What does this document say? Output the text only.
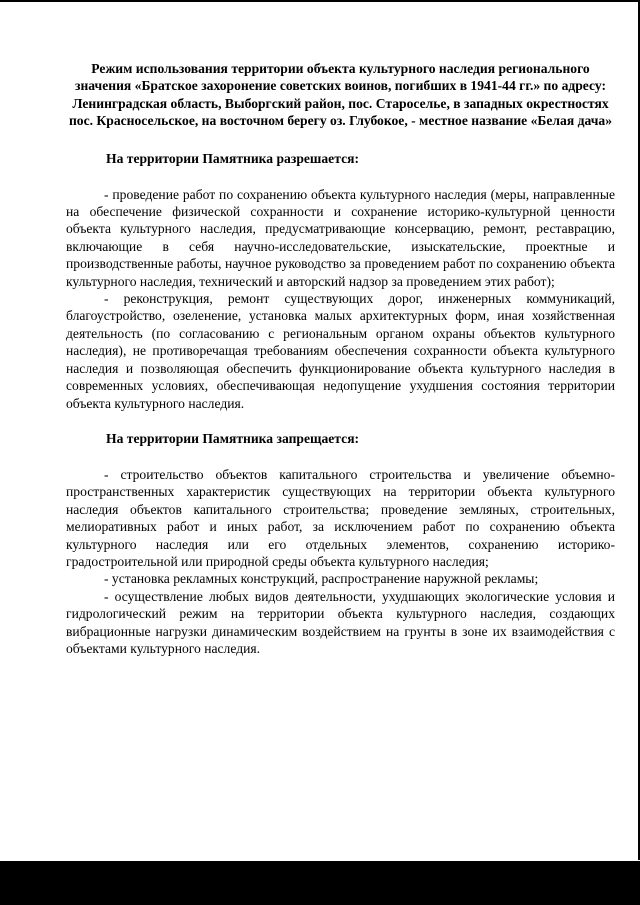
Режим использования территории объекта культурного наследия регионального значения «Братское захоронение советских воинов, погибших в 1941-44 гг.» по адресу: Ленинградская область, Выборгский район, пос. Староселье, в западных окрестностях пос. Красносельское, на восточном берегу оз. Глубокое, - местное название «Белая дача»
На территории Памятника разрешается:

- проведение работ по сохранению объекта культурного наследия (меры, направленные на обеспечение физической сохранности и сохранение историко-культурной ценности объекта культурного наследия, предусматривающие консервацию, ремонт, реставрацию, включающие в себя научно-исследовательские, изыскательские, проектные и производственные работы, научное руководство за проведением работ по сохранению объекта культурного наследия, технический и авторский надзор за проведением этих работ);

- реконструкция, ремонт существующих дорог, инженерных коммуникаций, благоустройство, озеленение, установка малых архитектурных форм, иная хозяйственная деятельность (по согласованию с региональным органом охраны объектов культурного наследия), не противоречащая требованиям обеспечения сохранности объекта культурного наследия и позволяющая обеспечить функционирование объекта культурного наследия в современных условиях, обеспечивающая недопущение ухудшения состояния территории объекта культурного наследия.

На территории Памятника запрещается:

- строительство объектов капитального строительства и увеличение объемно-пространственных характеристик существующих на территории объекта культурного наследия объектов капитального строительства; проведение земляных, строительных, мелиоративных работ и иных работ, за исключением работ по сохранению объекта культурного наследия или его отдельных элементов, сохранению историко-градостроительной или природной среды объекта культурного наследия;

- установка рекламных конструкций, распространение наружной рекламы;

- осуществление любых видов деятельности, ухудшающих экологические условия и гидрологический режим на территории объекта культурного наследия, создающих вибрационные нагрузки динамическим воздействием на грунты в зоне их взаимодействия с объектами культурного наследия.
